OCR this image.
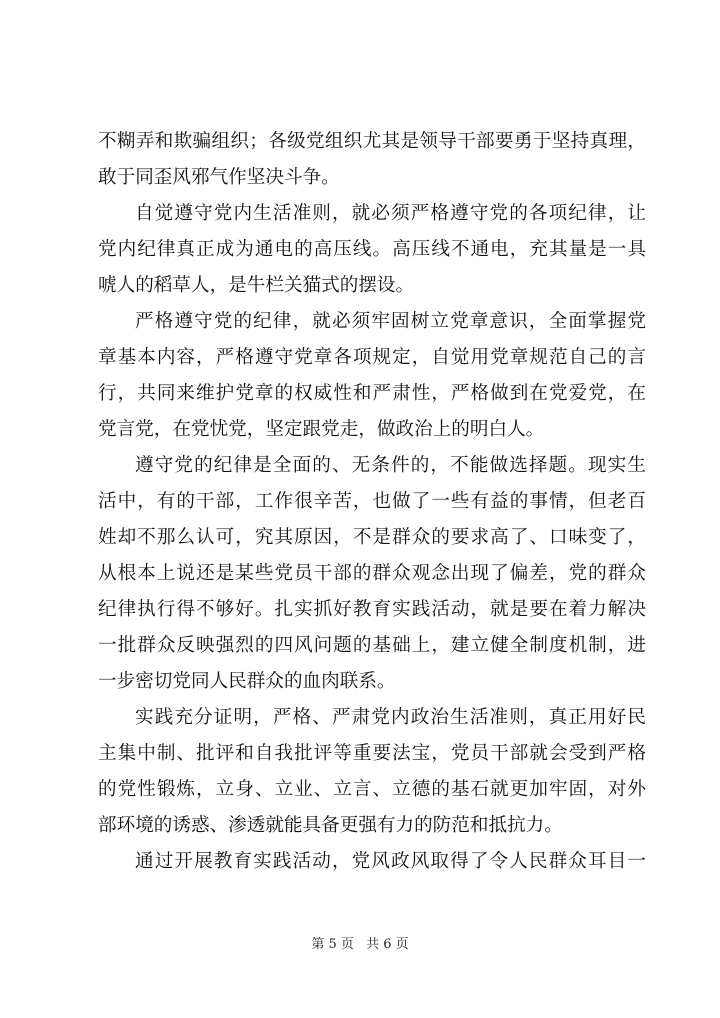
不糊弄和欺骗组织；各级党组织尤其是领导干部要勇于坚持真理，
敢于同歪风邪气作坚决斗争。
自觉遵守党内生活准则，就必须严格遵守党的各项纪律，让
党内纪律真正成为通电的高压线。高压线不通电，充其量是一具
唬人的稻草人，是牛栏关猫式的摆设。
严格遵守党的纪律，就必须牢固树立党章意识，全面掌握党
章基本内容，严格遵守党章各项规定，自觉用党章规范自己的言
行，共同来维护党章的权威性和严肃性，严格做到在党爱党，在
党言党，在党忧党，坚定跟党走，做政治上的明白人。
遵守党的纪律是全面的、无条件的，不能做选择题。现实生
活中，有的干部，工作很辛苦，也做了一些有益的事情，但老百
姓却不那么认可，究其原因，不是群众的要求高了、口味变了，
从根本上说还是某些党员干部的群众观念出现了偏差，党的群众
纪律执行得不够好。扎实抓好教育实践活动，就是要在着力解决
一批群众反映强烈的四风问题的基础上，建立健全制度机制，进
一步密切党同人民群众的血肉联系。
实践充分证明，严格、严肃党内政治生活准则，真正用好民
主集中制、批评和自我批评等重要法宝，党员干部就会受到严格
的党性锻炼，立身、立业、立言、立德的基石就更加牢固，对外
部环境的诱惑、渗透就能具备更强有力的防范和抵抗力。
通过开展教育实践活动，党风政风取得了令人民群众耳目一
第 5 页 共 6 页
